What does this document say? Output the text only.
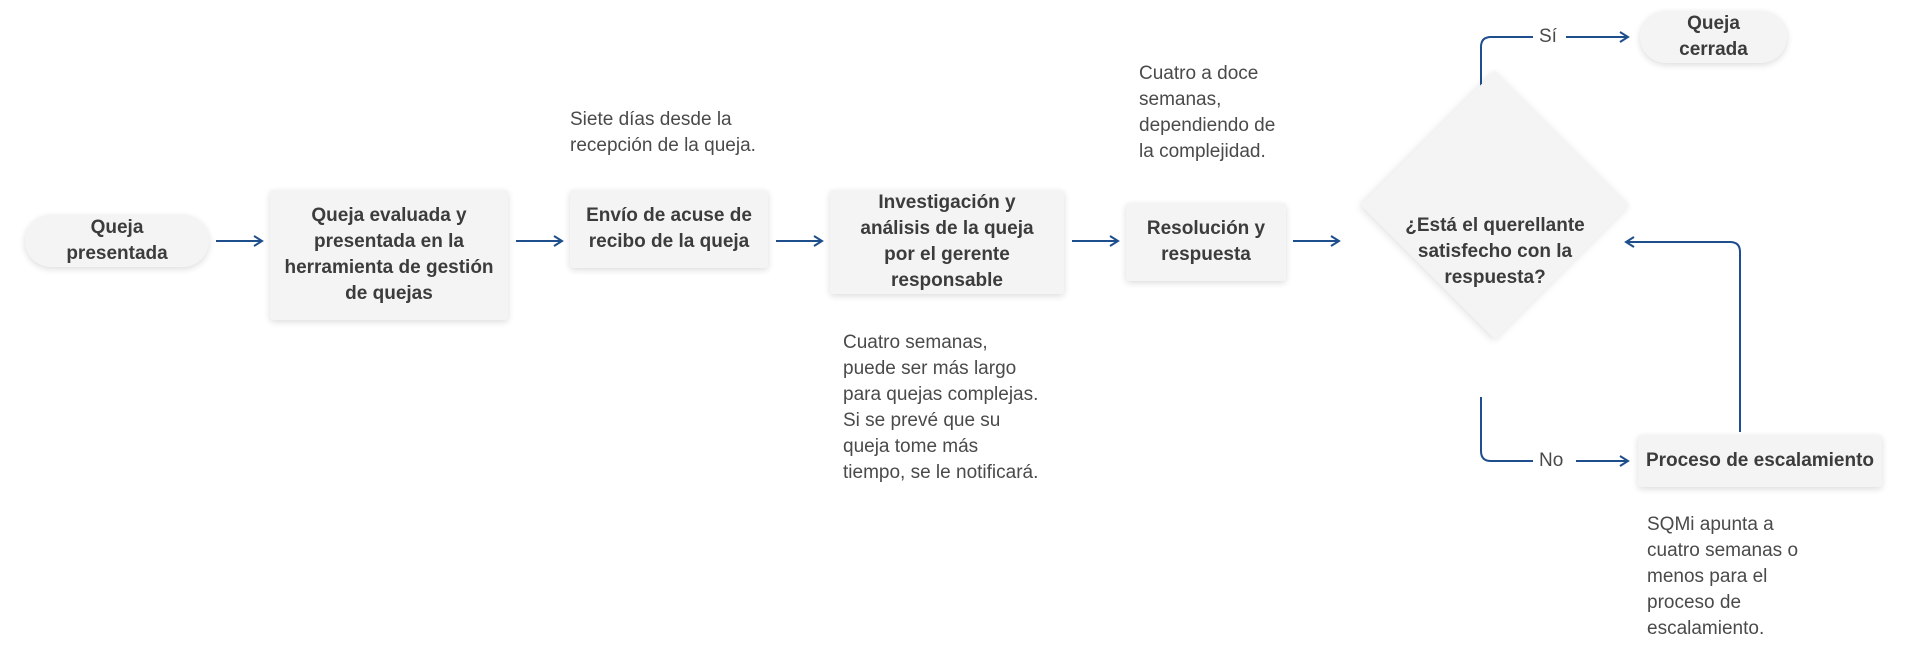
Queja presentada
Queja evaluada y presentada en la herramienta de gestión de quejas
Envío de acuse de recibo de la queja
Investigación y análisis de la queja por el gerente responsable
Resolución y respuesta
¿Está el querellante satisfecho con la respuesta?
Queja cerrada
Proceso de escalamiento
Siete días desde la
recepción de la queja.
Cuatro semanas,
puede ser más largo
para quejas complejas.
Si se prevé que su
queja tome más
tiempo, se le notificará.
Cuatro a doce
semanas,
dependiendo de
la complejidad.
SQMi apunta a
cuatro semanas o
menos para el
proceso de
escalamiento.
Sí
No
